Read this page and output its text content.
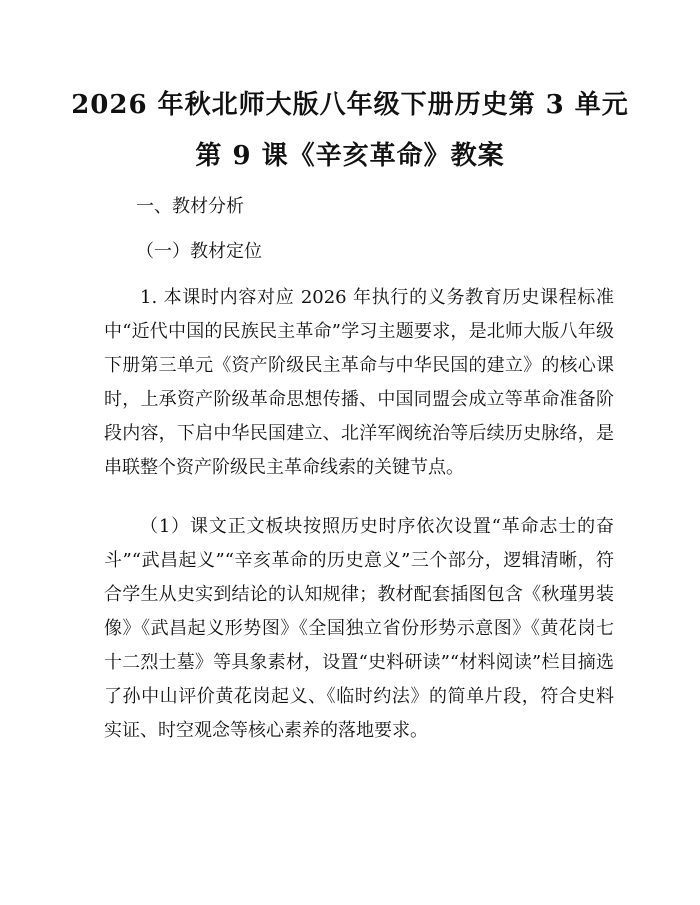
2026 年秋北师大版八年级下册历史第 3 单元
第 9 课《辛亥革命》教案
一、教材分析
（一）教材定位
1. 本课时内容对应 2026 年执行的义务教育历史课程标准中“近代中国的民族民主革命”学习主题要求，是北师大版八年级下册第三单元《资产阶级民主革命与中华民国的建立》的核心课时，上承资产阶级革命思想传播、中国同盟会成立等革命准备阶段内容，下启中华民国建立、北洋军阀统治等后续历史脉络，是串联整个资产阶级民主革命线索的关键节点。
（1）课文正文板块按照历史时序依次设置“革命志士的奋斗”“武昌起义”“辛亥革命的历史意义”三个部分，逻辑清晰，符合学生从史实到结论的认知规律；教材配套插图包含《秋瑾男装像》《武昌起义形势图》《全国独立省份形势示意图》《黄花岗七十二烈士墓》等具象素材，设置“史料研读”“材料阅读”栏目摘选了孙中山评价黄花岗起义、《临时约法》的简单片段，符合史料实证、时空观念等核心素养的落地要求。
